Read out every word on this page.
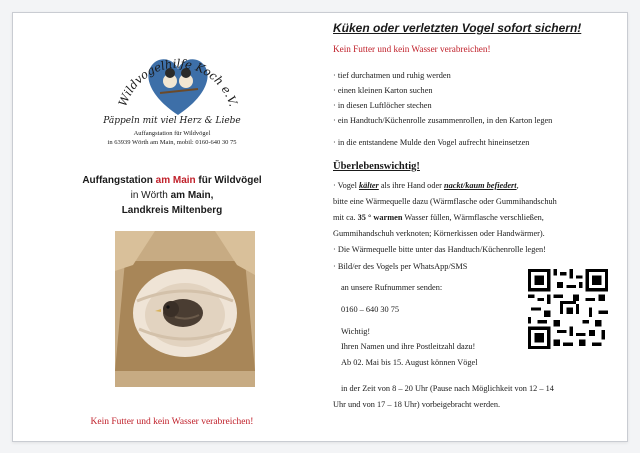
Wildvogelhilfe Koch e.V.
Päppeln mit viel Herz & Liebe
Auffangstation für Wildvögel
in 63939 Wörth am Main, mobil: 0160-640 30 75
Auffangstation am Main für Wildvögel
in Wörth am Main,
Landkreis Miltenberg
Kein Futter und kein Wasser verabreichen!
Küken oder verletzten Vogel sofort sichern!
Kein Futter und kein Wasser verabreichen!
· tief durchatmen und ruhig werden
· einen kleinen Karton suchen
· in diesen Luftlöcher stechen
· ein Handtuch/Küchenrolle zusammenrollen, in den Karton legen
· in die entstandene Mulde den Vogel aufrecht hineinsetzen
Überlebenswichtig!
· Vogel kälter als ihre Hand oder nackt/kaum befiedert,
bitte eine Wärmequelle dazu (Wärmflasche oder Gummihandschuh
mit ca. 35 ° warmen Wasser füllen, Wärmflasche verschließen,
Gummihandschuh verknoten; Körnerkissen oder Handwärmer).
· Die Wärmequelle bitte unter das Handtuch/Küchenrolle legen!
· Bild/er des Vogels per WhatsApp/SMS
an unsere Rufnummer senden:
0160 – 640 30 75
Wichtig!
Ihren Namen und ihre Postleitzahl dazu!
Ab 02. Mai bis 15. August können Vögel
in der Zeit von 8 – 20 Uhr (Pause nach Möglichkeit von 12 – 14
Uhr und von 17 – 18 Uhr) vorbeigebracht werden.
